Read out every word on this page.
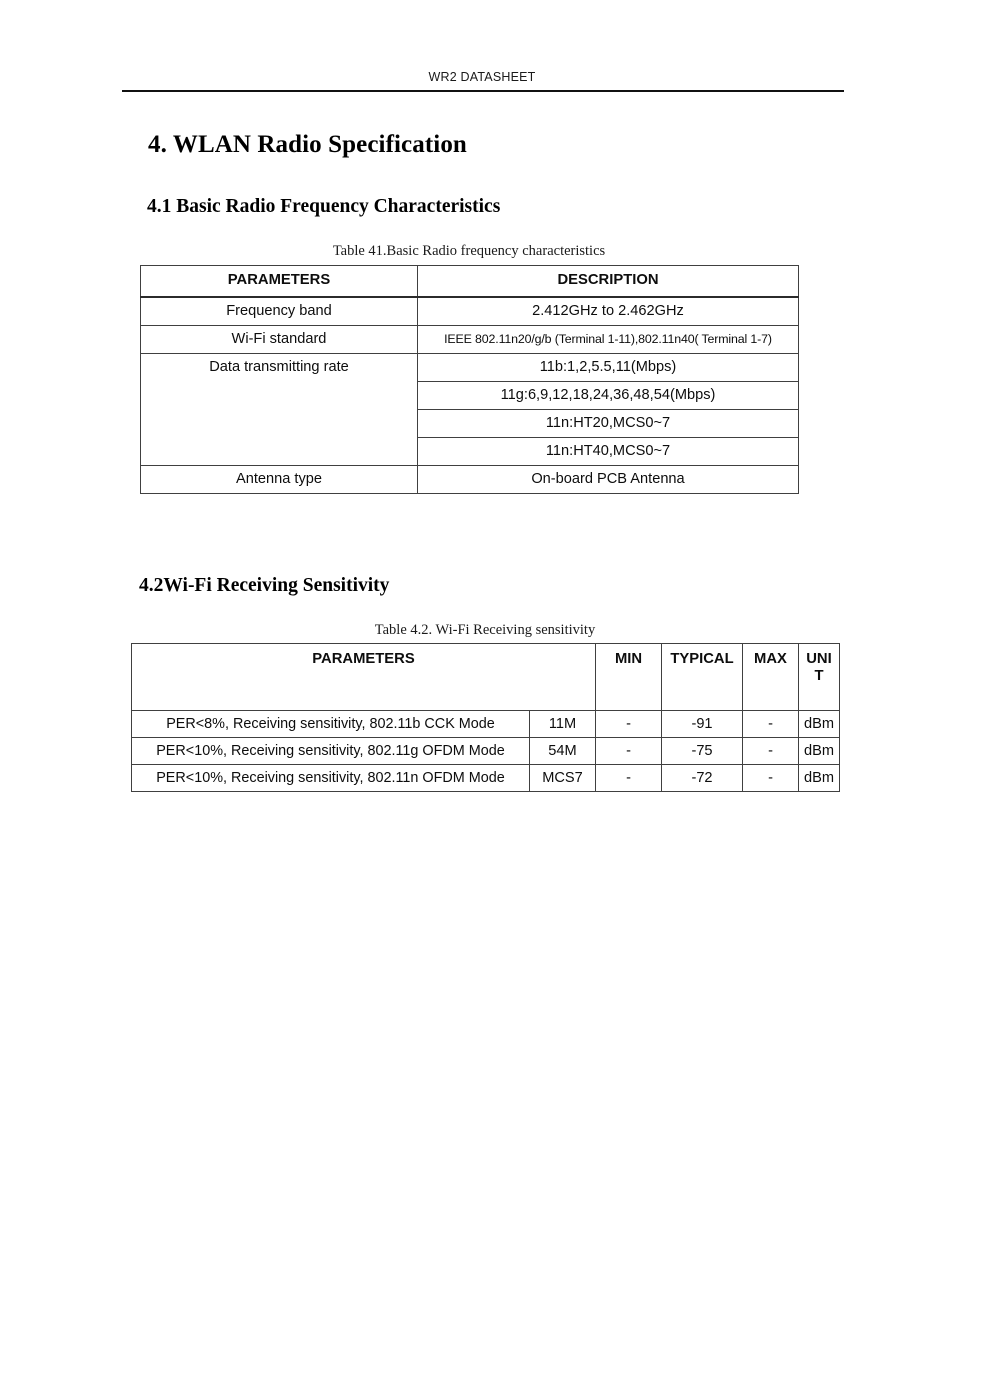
WR2 DATASHEET
4. WLAN Radio Specification
4.1 Basic Radio Frequency Characteristics
Table 41.Basic Radio frequency characteristics
PARAMETERS	DESCRIPTION
Frequency band	2.412GHz to 2.462GHz
Wi-Fi standard	IEEE 802.11n20/g/b (Terminal 1-11),802.11n40( Terminal 1-7)
Data transmitting rate	11b:1,2,5.5,11(Mbps)
	11g:6,9,12,18,24,36,48,54(Mbps)
	11n:HT20,MCS0~7
	11n:HT40,MCS0~7
Antenna type	On-board PCB Antenna
4.2Wi-Fi Receiving Sensitivity
Table 4.2. Wi-Fi Receiving sensitivity
PARAMETERS		MIN	TYPICAL	MAX	UNI
T

PER<8%, Receiving sensitivity, 802.11b CCK Mode	11M	-	-91	-	dBm
PER<10%, Receiving sensitivity, 802.11g OFDM Mode	54M	-	-75	-	dBm
PER<10%, Receiving sensitivity, 802.11n OFDM Mode	MCS7	-	-72	-	dBm
